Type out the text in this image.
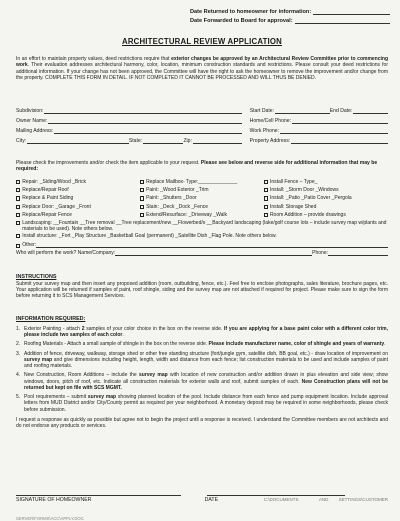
Date Returned to homeowner for information:
Date Forwarded to Board for approval:
ARCHITECTURAL REVIEW APPLICATION
In an effort to maintain property values, deed restrictions require that exterior changes be approved by an Architectural Review Committee prior to commencing work. Their evaluation addresses architectural harmony, color, location, minimum construction standards and restrictions. Please consult your deed restrictions for additional information. If your change has not been approved, the Committee will have the right to ask the homeowner to remove the improvement and/or change from the property. COMPLETE THIS FORM IN DETAIL. IF NOT COMPLETED IT CANNOT BE PROCESSED AND WILL THUS BE DENIED.
Subdivision:	Start Date:	End Date:
Owner Name:	Home/Cell Phone:
Mailing Address:	Work Phone:
City:	State:	Zip:	Property Address:
Please check the improvements and/or check the item applicable to your request. Please see below and reverse side for additional information that may be required:
Repair: _Siding/Wood _Brick	Replace Mailbox- Type:______________	Install Fence – Type_
Replace/Repair Roof	Paint: _Wood Exterior _Trim	Install: _Storm Door _Windows
Replace & Paint Siding	Paint: _Shutters _Door	Install: _Patio _Patio Cover _Pergola
Replace Door: _Garage _Front	Stain: _Deck _Dock _Fence	Install: Storage Shed
Replace/Repair Fence	Extend/Resurface: _Driveway _Walk	Room Addition – provide drawings
Landscaping: __Fountain __Tree removal __Tree replacement/new __Flowerbed/s __Backyard landscaping (lake/golf course lots – include survey map w/plants and materials to be used). Note others below.
Install structure: _Fort _Play Structure _Basketball Goal (permanent) _Satellite Dish _Flag Pole. Note others below.
Other:
Who will perform the work? Name/Company:	Phone:
INSTRUCTIONS
Submit your survey map and then insert any proposed addition (room, outbuilding, fence, etc.). Feel free to enclose photographs, sales literature, brochure pages, etc. Your application will be returned if samples of paint, roof shingle, siding and the survey map are not attached if required for project. Please make sure to sign the form before returning it to SCS Management Services.
INFORMATION REQUIRED:
1. Exterior Painting - attach 2 samples of your color choice in the box on the reverse side. If you are applying for a base paint color with a different color trim, please include two samples of each color.
2. Roofing Materials - Attach a small sample of shingle in the box on the reverse side. Please include manufacturer name, color of shingle and years of warranty.
3. Addition of fence, driveway, walkway, storage shed or other free standing structure (fort/jungle gym, satellite dish, BB goal, etc.) - draw location of improvement on survey map and give dimensions including height, length, width and distance from each fence; list construction materials to be used and include samples of paint and roofing materials.
4. New Construction, Room Additions – include the survey map with location of new construction and/or addition drawn in plus elevation and side view; show windows, doors, pitch of roof, etc. Indicate all construction materials for exterior walls and roof, submit samples of each. New Construction plans will not be returned but kept on file with SCS MGMT.
5. Pool requirements – submit survey map showing planned location of the pool. Include distance from each fence and pump equipment location. Include approval letters from MUD District and/or City/County permit as required per your neighborhood. A monetary deposit may be required in some neighborhoods, please check before submission.
I request a response as quickly as possible but agree not to begin the project until a response is received. I understand the Committee members are not architects and do not endorse any products or services.
SIGNATURE OF HOMEOWNER	DATE	C:\DOCUMENTS	AND	SETTINGS\CUSTOMER
SERVER\FORMS\ACC\APPLY.DOC
